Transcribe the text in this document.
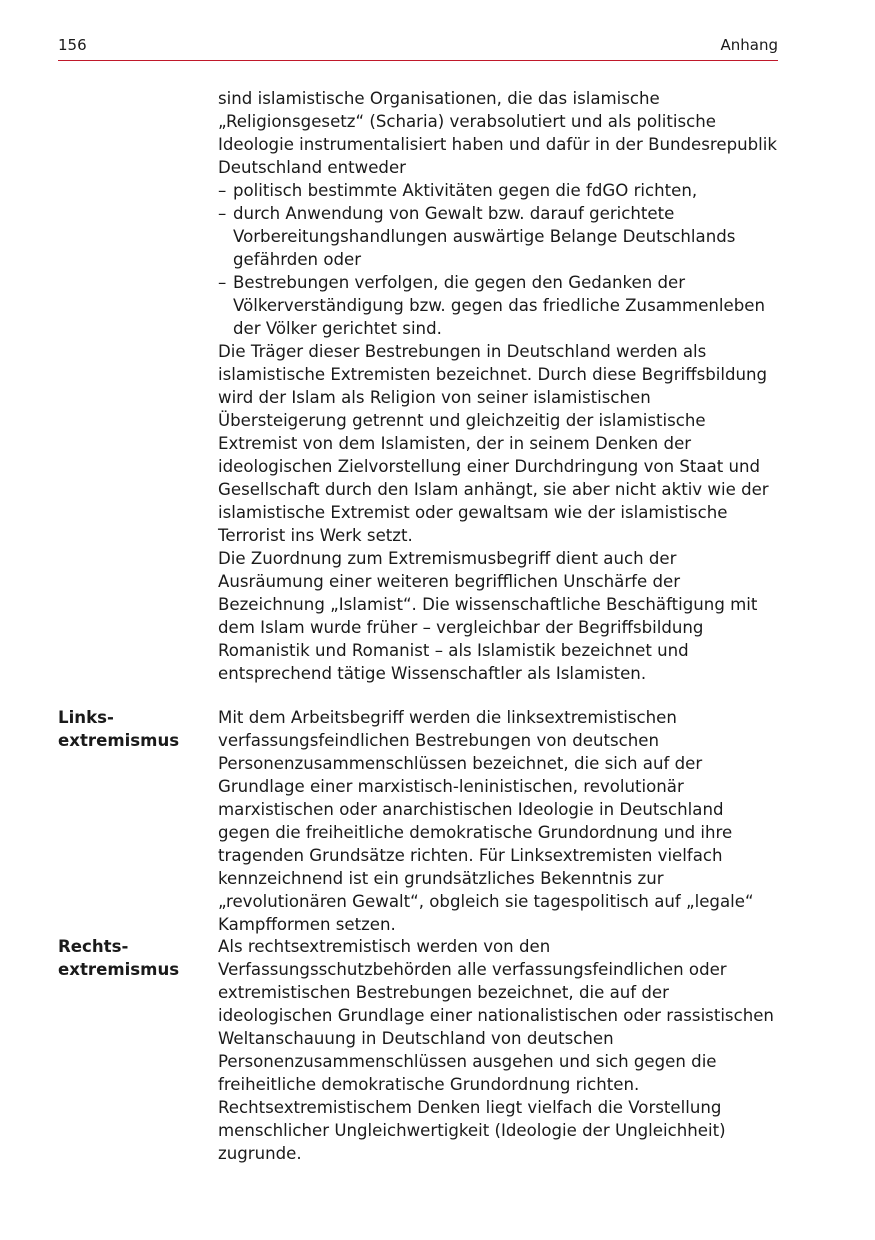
156	Anhang

sind islamistische Organisationen, die das islamische „Religionsgesetz“ (Scharia) verabsolutiert und als politische Ideologie instrumentalisiert haben und dafür in der Bundesrepublik Deutschland entweder

– politisch bestimmte Aktivitäten gegen die fdGO richten,
– durch Anwendung von Gewalt bzw. darauf gerichtete Vorbereitungshandlungen auswärtige Belange Deutschlands gefährden oder
– Bestrebungen verfolgen, die gegen den Gedanken der Völkerverständigung bzw. gegen das friedliche Zusammenleben der Völker gerichtet sind.

Die Träger dieser Bestrebungen in Deutschland werden als islamistische Extremisten bezeichnet. Durch diese Begriffsbildung wird der Islam als Religion von seiner islamistischen Übersteigerung getrennt und gleichzeitig der islamistische Extremist von dem Islamisten, der in seinem Denken der ideologischen Zielvorstellung einer Durchdringung von Staat und Gesellschaft durch den Islam anhängt, sie aber nicht aktiv wie der islamistische Extremist oder gewaltsam wie der islamistische Terrorist ins Werk setzt.

Die Zuordnung zum Extremismusbegriff dient auch der Ausräumung einer weiteren begrifflichen Unschärfe der Bezeichnung „Islamist“. Die wissenschaftliche Beschäftigung mit dem Islam wurde früher – vergleichbar der Begriffsbildung Romanistik und Romanist – als Islamistik bezeichnet und entsprechend tätige Wissenschaftler als Islamisten.

Links-
extremismus

Mit dem Arbeitsbegriff werden die linksextremistischen verfassungsfeindlichen Bestrebungen von deutschen Personenzusammenschlüssen bezeichnet, die sich auf der Grundlage einer marxistisch-leninistischen, revolutionär marxistischen oder anarchistischen Ideologie in Deutschland gegen die freiheitliche demokratische Grundordnung und ihre tragenden Grundsätze richten. Für Linksextremisten vielfach kennzeichnend ist ein grundsätzliches Bekenntnis zur „revolutionären Gewalt“, obgleich sie tagespolitisch auf „legale“ Kampfformen setzen.

Rechts-
extremismus

Als rechtsextremistisch werden von den Verfassungsschutzbehörden alle verfassungsfeindlichen oder extremistischen Bestrebungen bezeichnet, die auf der ideologischen Grundlage einer nationalistischen oder rassistischen Weltanschauung in Deutschland von deutschen Personenzusammenschlüssen ausgehen und sich gegen die freiheitliche demokratische Grundordnung richten.

Rechtsextremistischem Denken liegt vielfach die Vorstellung menschlicher Ungleichwertigkeit (Ideologie der Ungleichheit) zugrunde.
